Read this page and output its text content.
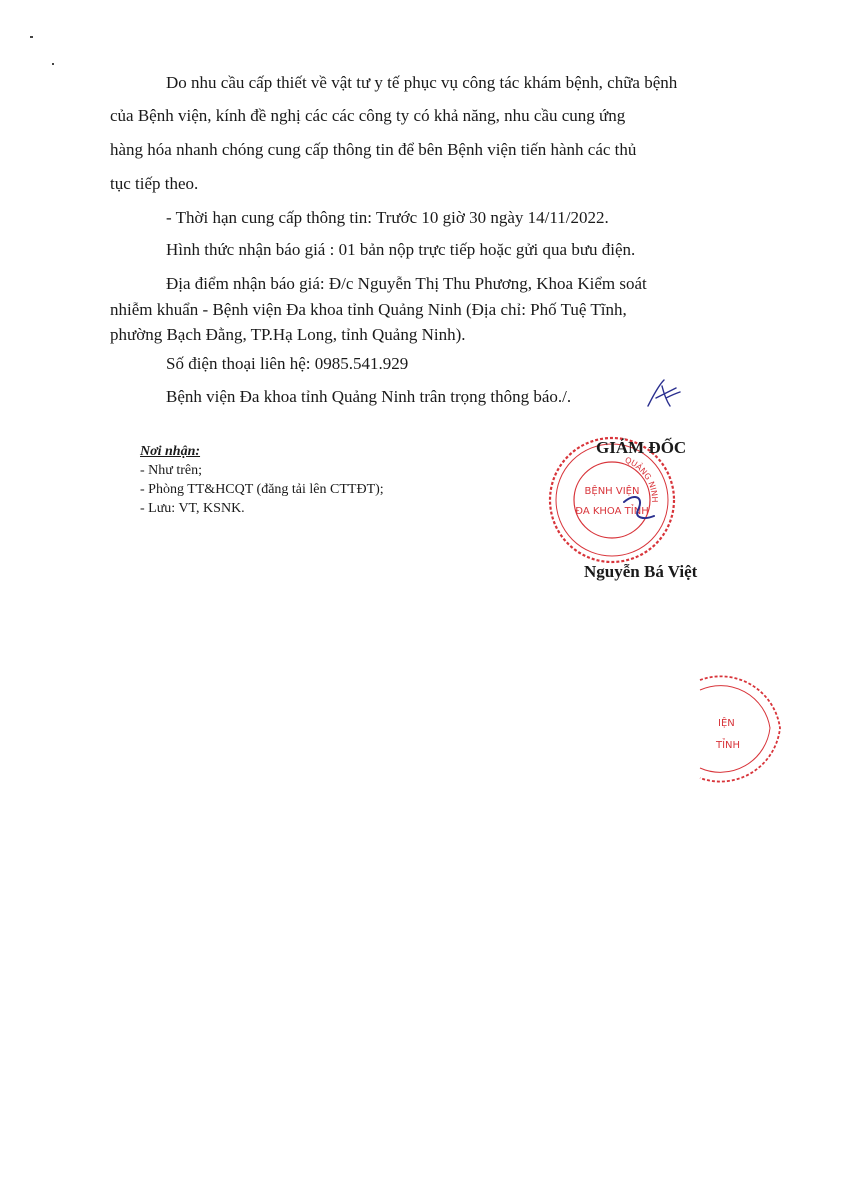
Do nhu cầu cấp thiết về vật tư y tế phục vụ công tác khám bệnh, chữa bệnh
của Bệnh viện, kính đề nghị các các công ty có khả năng, nhu cầu cung ứng
hàng hóa nhanh chóng cung cấp thông tin để bên Bệnh viện tiến hành các thủ
tục tiếp theo.
- Thời hạn cung cấp thông tin: Trước 10 giờ 30 ngày 14/11/2022.
Hình thức nhận báo giá : 01 bản nộp trực tiếp hoặc gửi qua bưu điện.
Địa điểm nhận báo giá: Đ/c Nguyễn Thị Thu Phương, Khoa Kiểm soát
nhiễm khuẩn - Bệnh viện Đa khoa tỉnh Quảng Ninh (Địa chỉ: Phố Tuệ Tĩnh,
phường Bạch Đằng, TP.Hạ Long, tỉnh Quảng Ninh).
Số điện thoại liên hệ: 0985.541.929
Bệnh viện Đa khoa tỉnh Quảng Ninh trân trọng thông báo./.
Nơi nhận:
- Như trên;
- Phòng TT&HCQT (đăng tải lên CTTĐT);
- Lưu: VT, KSNK.
QUẢNG NINH
BỆNH VIỆN
ĐA KHOA TỈNH
GIÁM ĐỐC
Nguyễn Bá Việt
IỆN
TỈNH
